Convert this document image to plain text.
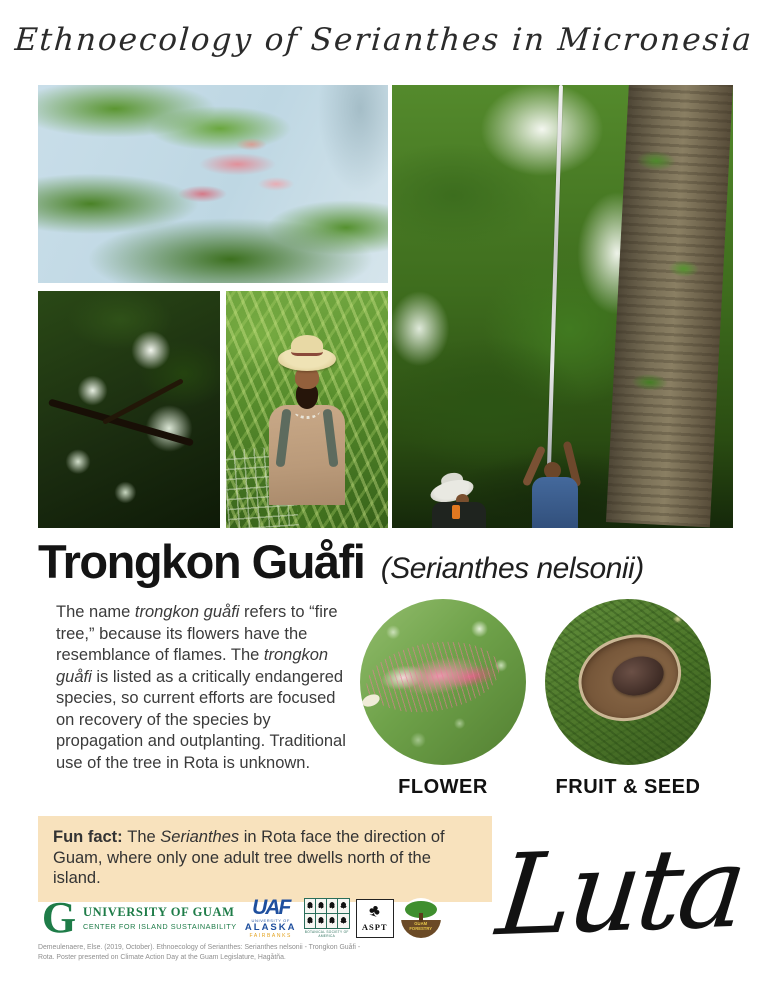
Ethnoecology of Serianthes in Micronesia
Trongkon Guåfi (Serianthes nelsonii)
The name trongkon guåfi refers to “fire tree,” because its flowers have the resemblance of flames. The trongkon guåfi is listed as a critically endangered species, so current efforts are focused on recovery of the species by propagation and outplanting. Traditional use of the tree in Rota is unknown.
FLOWER	FRUIT & SEED
Fun fact: The Serianthes in Rota face the direction of Guam, where only one adult tree dwells north of the island.	Luta
G UNIVERSITY OF GUAM
CENTER FOR ISLAND SUSTAINABILITY
UAF
UNIVERSITY OF
ALASKA
FAIRBANKS
BOTANICAL SOCIETY OF AMERICA
♣
ASPT	GUAM
FORESTRY
Demeulenaere, Else. (2019, October). Ethnoecology of Serianthes: Serianthes nelsonii - Trongkon Guåfi - Rota. Poster presented on Climate Action Day at the Guam Legislature, Hagåtña.
